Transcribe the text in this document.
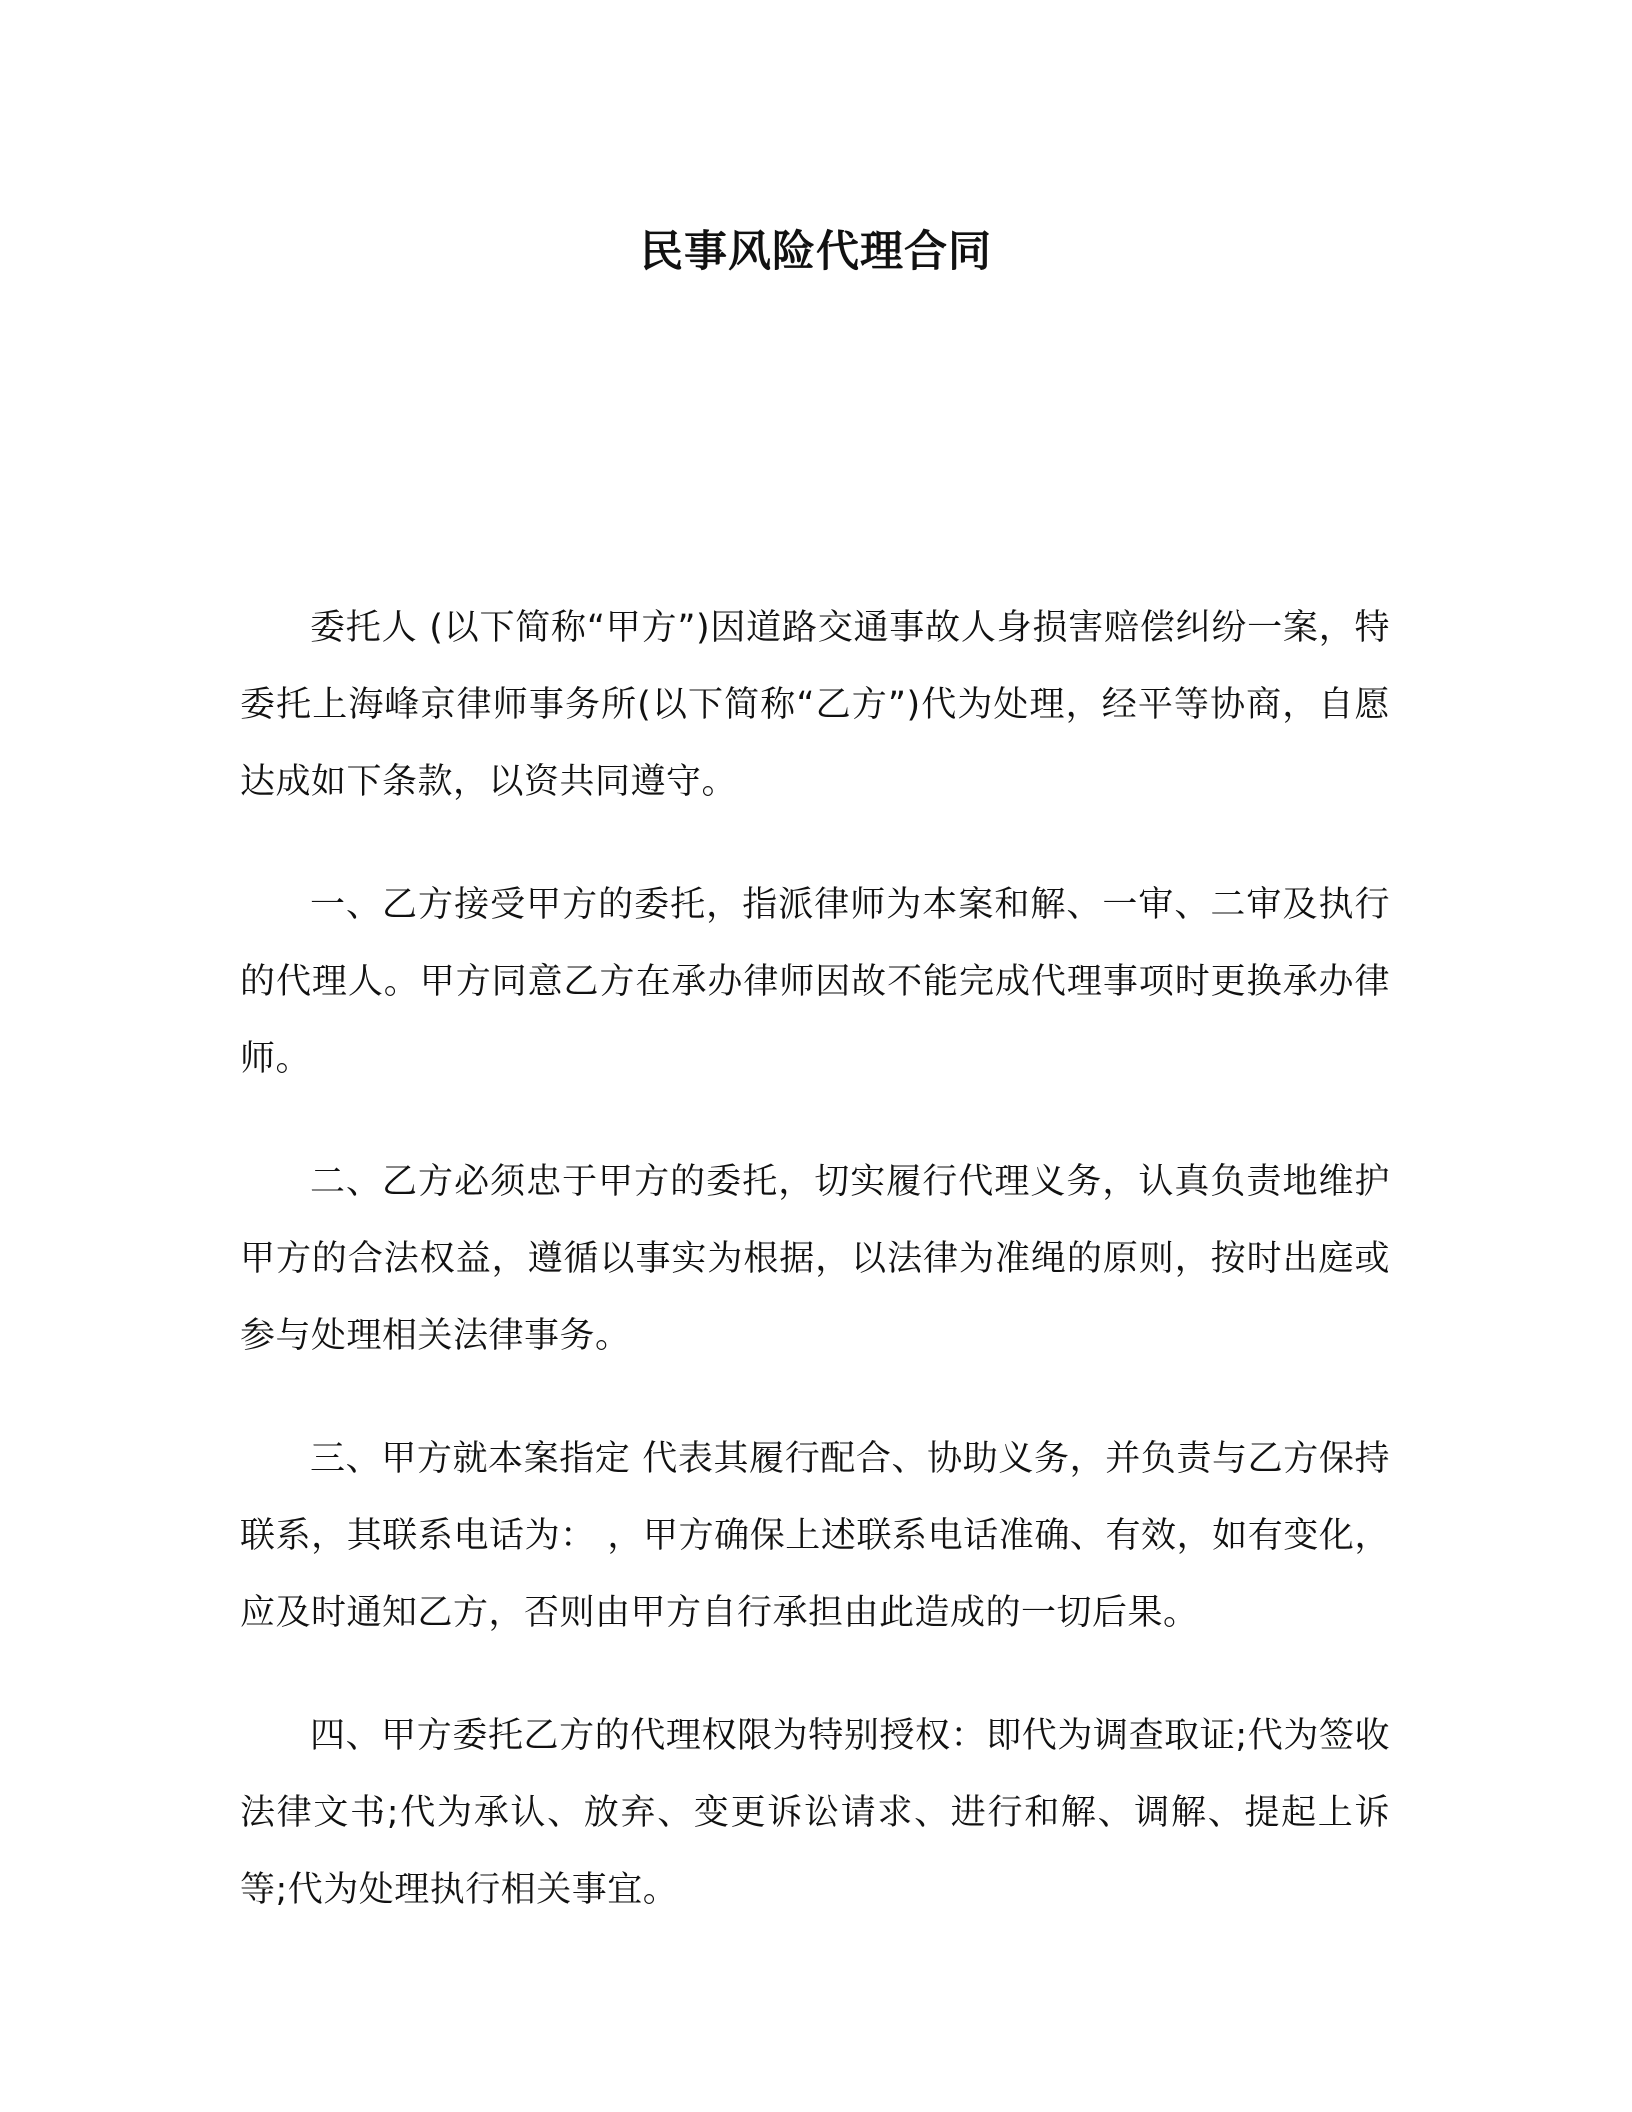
民事风险代理合同

委托人 (以下简称“甲方”)因道路交通事故人身损害赔偿纠纷一案，特委托上海峰京律师事务所(以下简称“乙方”)代为处理，经平等协商，自愿达成如下条款，以资共同遵守。

一、乙方接受甲方的委托，指派律师为本案和解、一审、二审及执行的代理人。甲方同意乙方在承办律师因故不能完成代理事项时更换承办律师。

二、乙方必须忠于甲方的委托，切实履行代理义务，认真负责地维护甲方的合法权益，遵循以事实为根据，以法律为准绳的原则，按时出庭或参与处理相关法律事务。

三、甲方就本案指定 代表其履行配合、协助义务，并负责与乙方保持联系，其联系电话为： ，甲方确保上述联系电话准确、有效，如有变化，应及时通知乙方，否则由甲方自行承担由此造成的一切后果。

四、甲方委托乙方的代理权限为特别授权：即代为调查取证;代为签收法律文书;代为承认、放弃、变更诉讼请求、进行和解、调解、提起上诉等;代为处理执行相关事宜。
